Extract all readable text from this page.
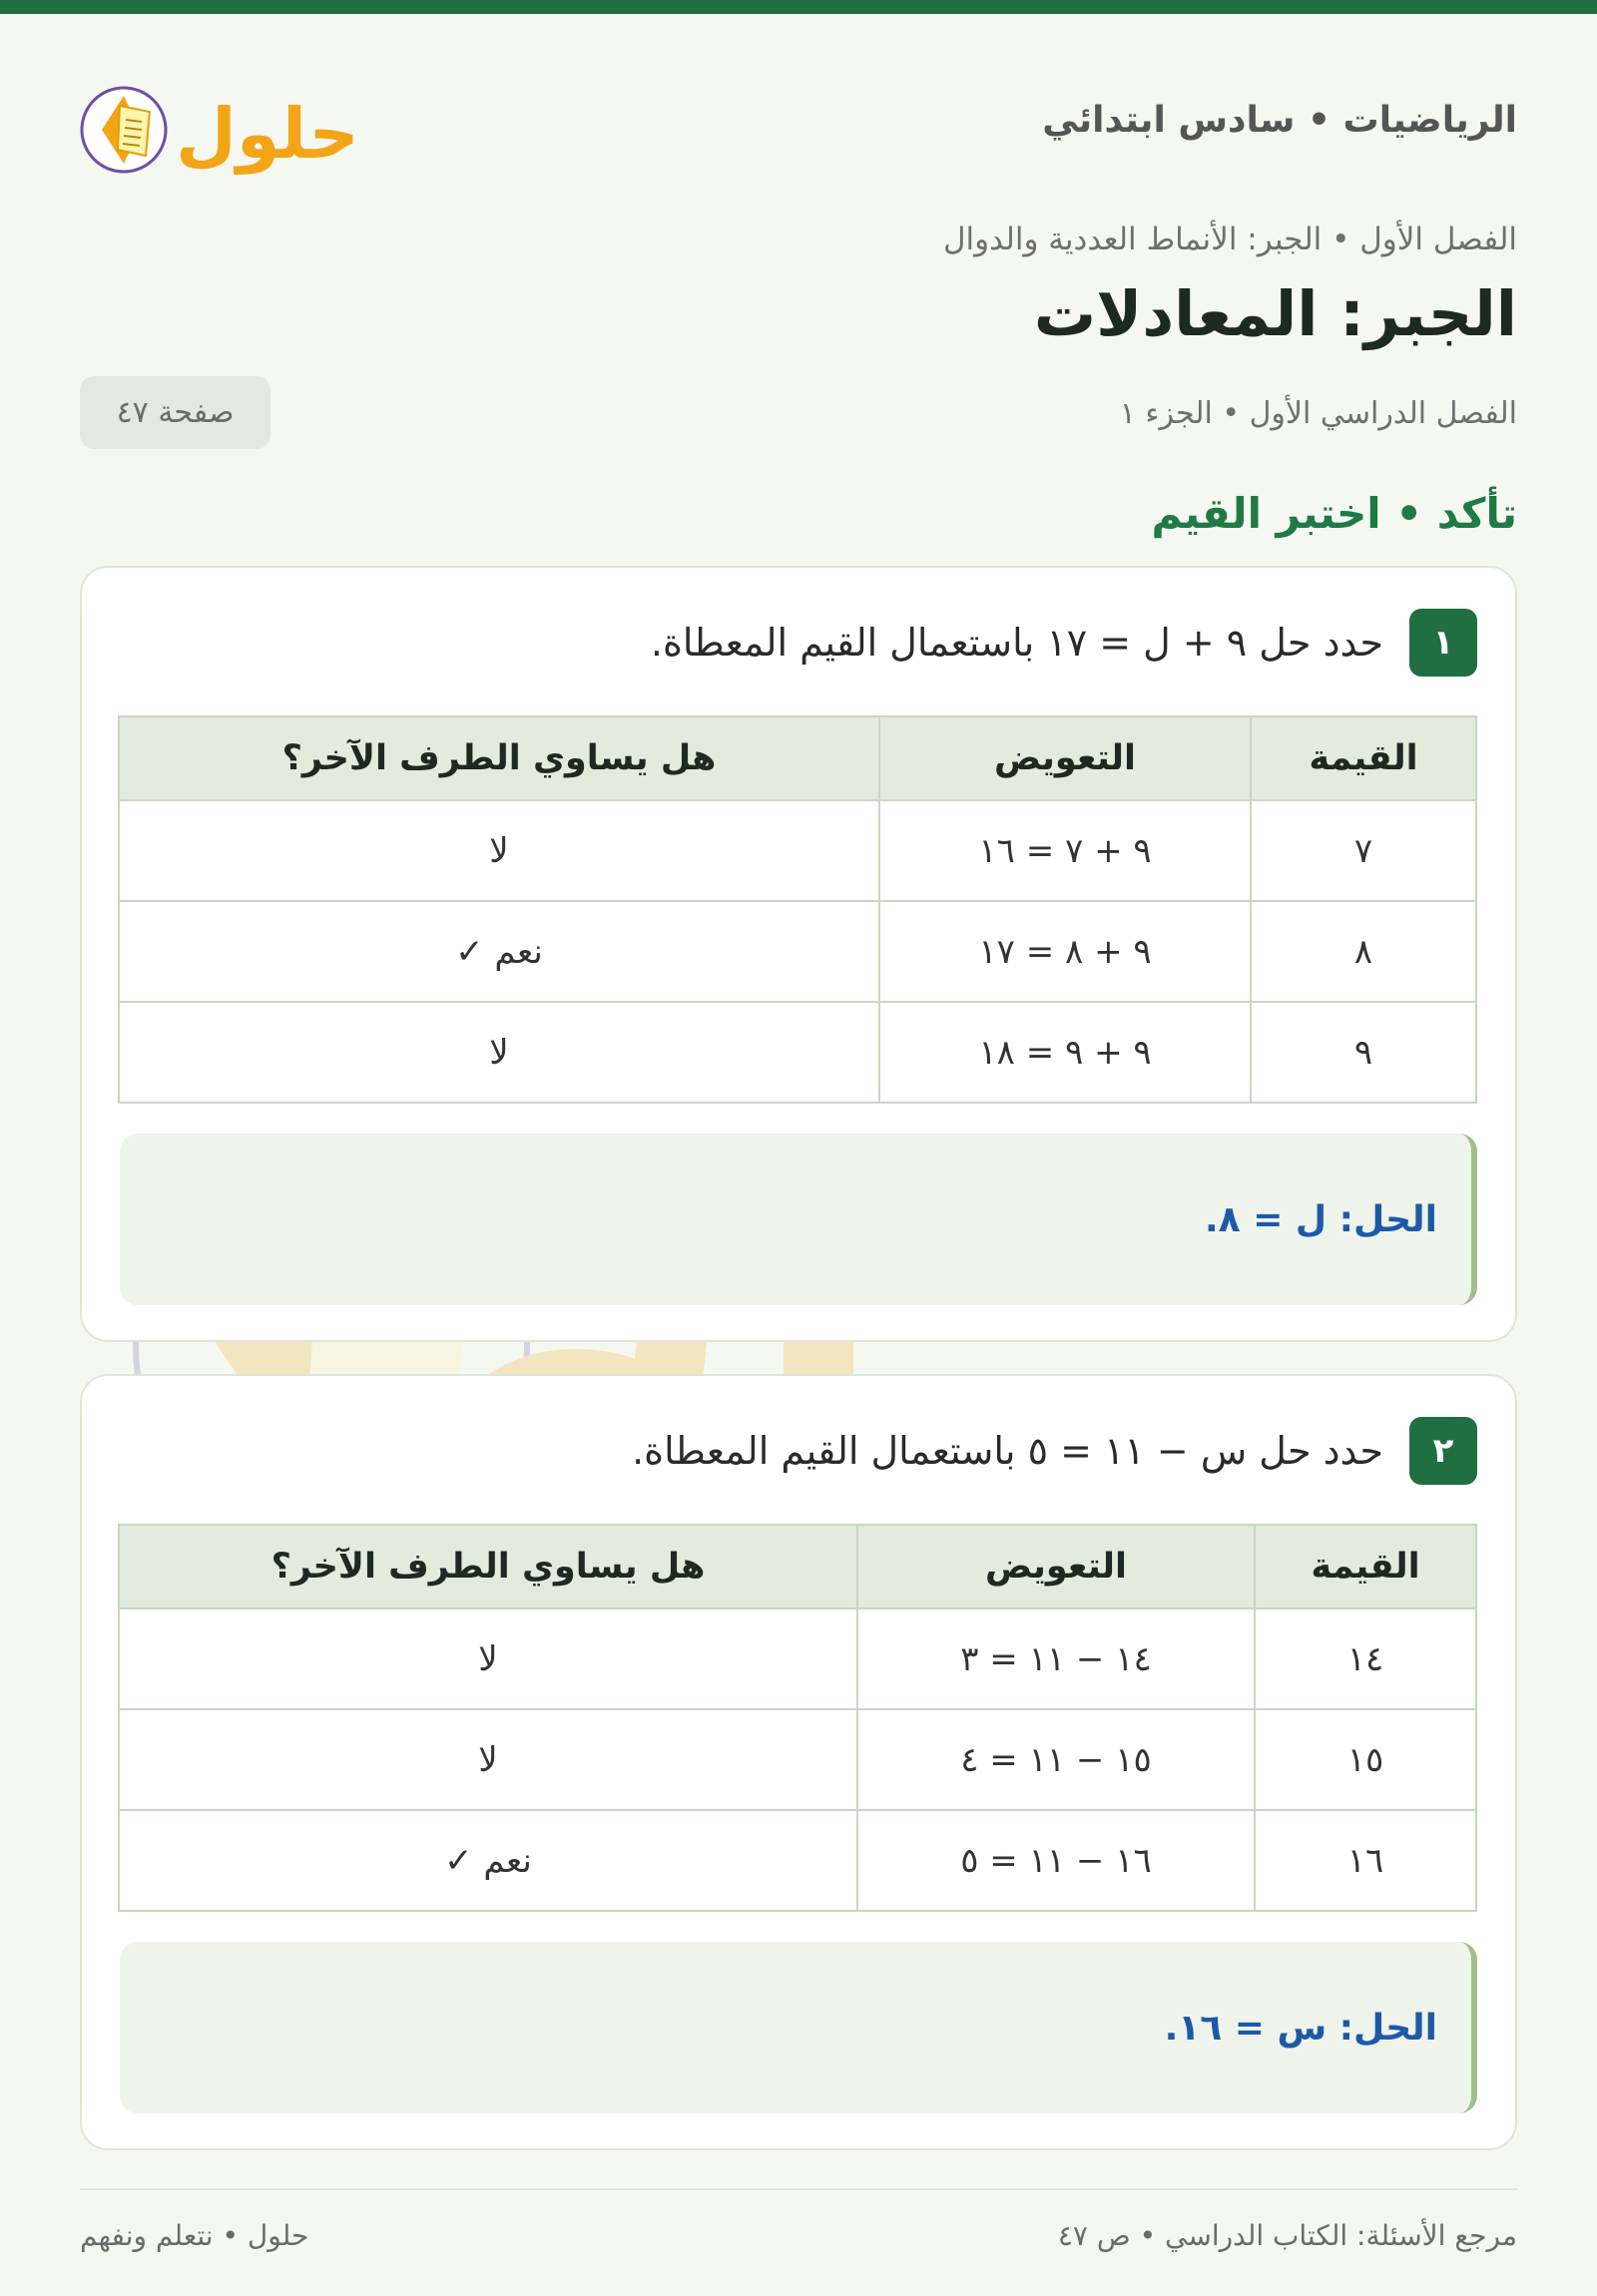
الرياضيات • سادس ابتدائي
حلول
الفصل الأول • الجبر: الأنماط العددية والدوال
الجبر: المعادلات
الفصل الدراسي الأول • الجزء ١
صفحة ٤٧
تأكد • اختبر القيم
١
حدد حل ٩ + ل = ١٧ باستعمال القيم المعطاة.
القيمة	التعويض	هل يساوي الطرف الآخر؟
٧	٩ + ٧ = ١٦	لا
٨	٩ + ٨ = ١٧	نعم ✓
٩	٩ + ٩ = ١٨	لا
الحل: ل = ٨.
٢
حدد حل س − ١١ = ٥ باستعمال القيم المعطاة.
القيمة	التعويض	هل يساوي الطرف الآخر؟
١٤	١٤ − ١١ = ٣	لا
١٥	١٥ − ١١ = ٤	لا
١٦	١٦ − ١١ = ٥	نعم ✓
الحل: س = ١٦.
مرجع الأسئلة: الكتاب الدراسي • ص ٤٧
حلول • نتعلم ونفهم
